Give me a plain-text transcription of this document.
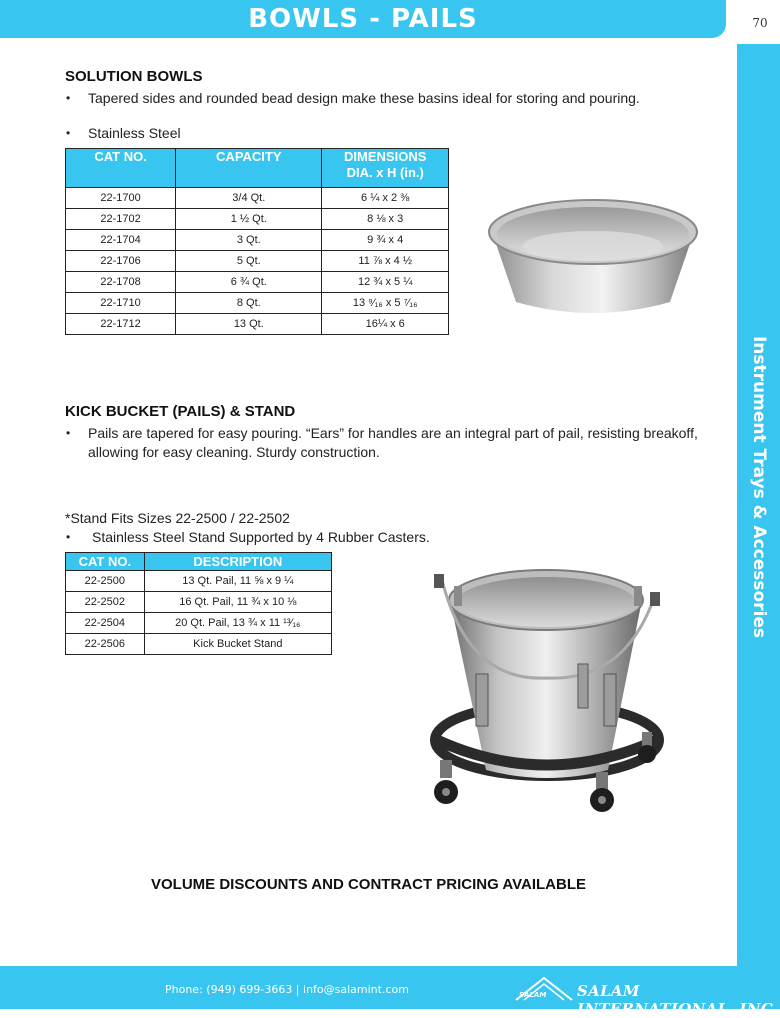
BOWLS - PAILS	70
Instrument Trays & Accessories
SOLUTION BOWLS
• Tapered sides and rounded bead design make these basins ideal for storing and pouring.
• Stainless Steel
CAT NO.	CAPACITY	DIMENSIONS
DIA. x H (in.)

22-1700	3/4 Qt.	6 ¼ x 2 ⅜
22-1702	1 ½ Qt.	8 ⅛ x 3
22-1704	3 Qt.	9 ¾ x 4
22-1706	5 Qt.	11 ⅞ x 4 ½
22-1708	6 ¾ Qt.	12 ¾ x 5 ¼
22-1710	8 Qt.	13 ⁹⁄₁₆ x 5 ⁷⁄₁₆
22-1712	13 Qt.	16¼ x 6
KICK BUCKET (PAILS) & STAND
• Pails are tapered for easy pouring. “Ears” for handles are an integral part of pail, resisting breakoff,
allowing for easy cleaning. Sturdy construction.
*Stand Fits Sizes 22-2500 / 22-2502
• Stainless Steel Stand Supported by 4 Rubber Casters.
CAT NO.	DESCRIPTION
22-2500	13 Qt. Pail, 11 ⅝ x 9 ¼
22-2502	16 Qt. Pail, 11 ¾ x 10 ⅛
22-2504	20 Qt. Pail, 13 ¾ x 11 ¹³⁄₁₆
22-2506	Kick Bucket Stand
VOLUME DISCOUNTS AND CONTRACT PRICING AVAILABLE
Phone: (949) 699-3663 | info@salamint.com	SALAM SALAM INTERNATIONAL, INC.
